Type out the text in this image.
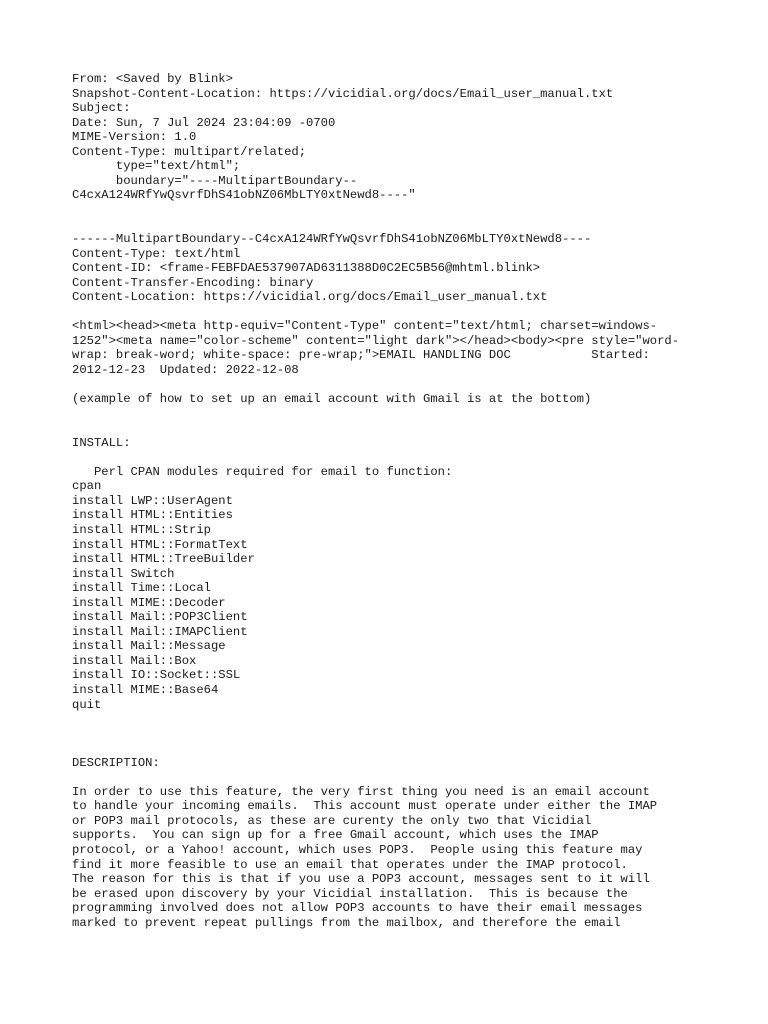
From: <Saved by Blink>
Snapshot-Content-Location: https://vicidial.org/docs/Email_user_manual.txt
Subject:
Date: Sun, 7 Jul 2024 23:04:09 -0700
MIME-Version: 1.0
Content-Type: multipart/related;
type="text/html";
boundary="----MultipartBoundary--
C4cxA124WRfYwQsvrfDhS41obNZ06MbLTY0xtNewd8----"

------MultipartBoundary--C4cxA124WRfYwQsvrfDhS41obNZ06MbLTY0xtNewd8----
Content-Type: text/html
Content-ID: <frame-FEBFDAE537907AD6311388D0C2EC5B56@mhtml.blink>
Content-Transfer-Encoding: binary
Content-Location: https://vicidial.org/docs/Email_user_manual.txt

<html><head><meta http-equiv="Content-Type" content="text/html; charset=windows-
1252"><meta name="color-scheme" content="light dark"></head><body><pre style="word-
wrap: break-word; white-space: pre-wrap;">EMAIL HANDLING DOC           Started:
2012-12-23  Updated: 2022-12-08

(example of how to set up an email account with Gmail is at the bottom)

INSTALL:

Perl CPAN modules required for email to function:
cpan
install LWP::UserAgent
install HTML::Entities
install HTML::Strip
install HTML::FormatText
install HTML::TreeBuilder
install Switch
install Time::Local
install MIME::Decoder
install Mail::POP3Client
install Mail::IMAPClient
install Mail::Message
install Mail::Box
install IO::Socket::SSL
install MIME::Base64
quit

DESCRIPTION:

In order to use this feature, the very first thing you need is an email account
to handle your incoming emails.  This account must operate under either the IMAP
or POP3 mail protocols, as these are curenty the only two that Vicidial
supports.  You can sign up for a free Gmail account, which uses the IMAP
protocol, or a Yahoo! account, which uses POP3.  People using this feature may
find it more feasible to use an email that operates under the IMAP protocol.
The reason for this is that if you use a POP3 account, messages sent to it will
be erased upon discovery by your Vicidial installation.  This is because the
programming involved does not allow POP3 accounts to have their email messages
marked to prevent repeat pullings from the mailbox, and therefore the email
